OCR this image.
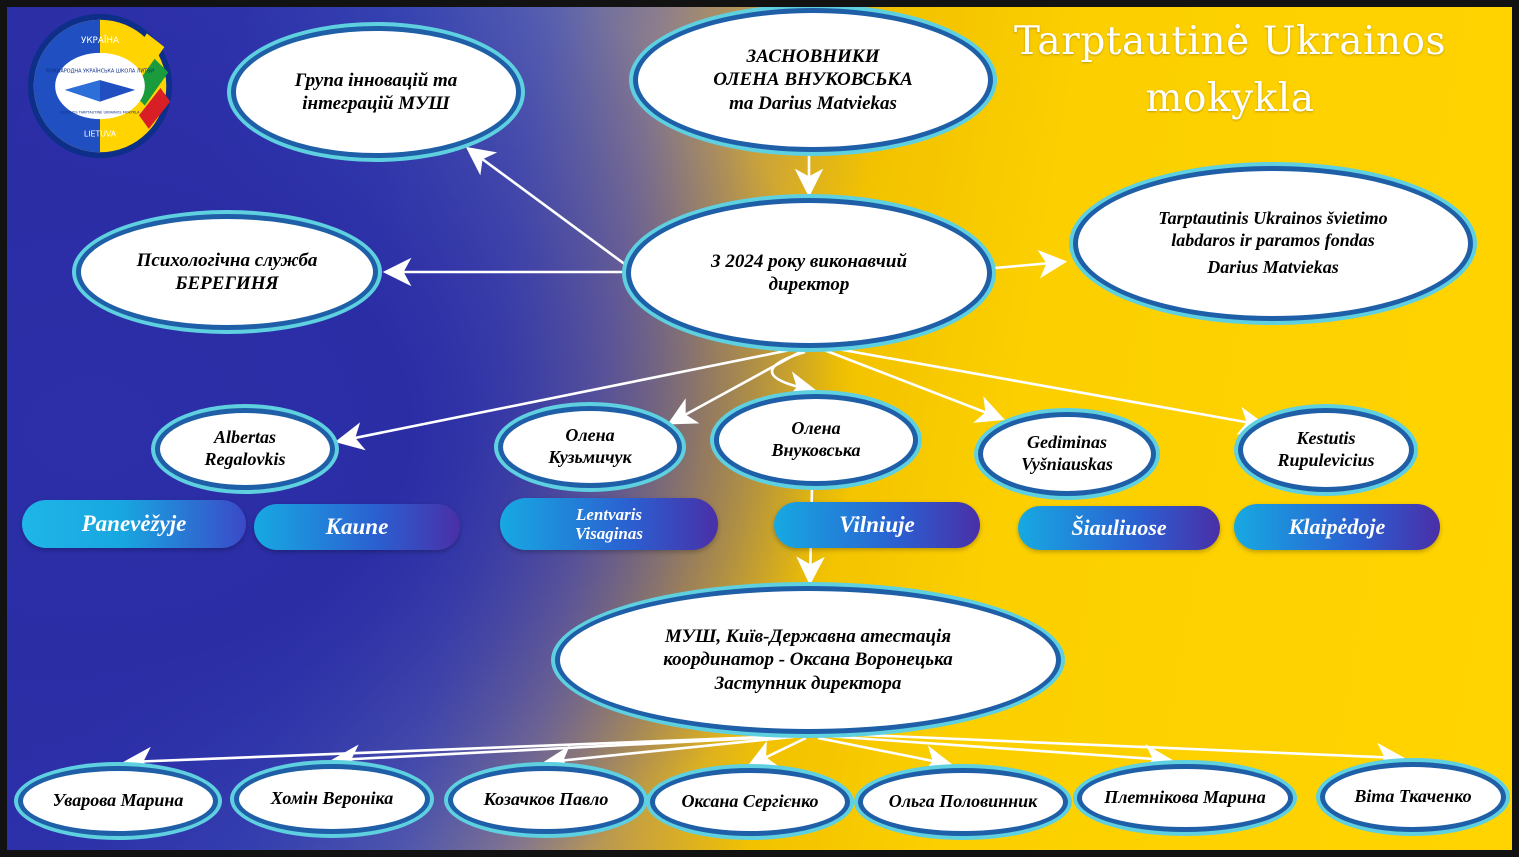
УКРАЇНА
МІЖНАРОДНА УКРАЇНСЬКА ШКОЛА ЛИТВИ
LIETUVOS TARPTAUTINĖ UKRAINOS MOKYKLA
LIETUVA
Tarptautinė Ukrainos mokykla
Група інновацій та
інтеграцій МУШ
ЗАСНОВНИКИ
ОЛЕНА ВНУКОВСЬКА
та Darius Matviekas
Tarptautinis Ukrainos švietimo
labdaros ir paramos fondas

Darius Matviekas
Психологічна служба
БЕРЕГИНЯ
З 2024 року виконавчий
директор
Albertas
Regalovkis
Олена
Кузьмичук
Олена
Внуковська	Gediminas
Vyšniauskas
Kestutis
Rupulevicius
МУШ, Київ-Державна атестація
координатор - Оксана Воронецька
Заступник директора
Уварова Марина	Хомін Вероніка	Козачков Павло	Оксана Сергієнко	Ольга Половинник	Плетнікова Марина	Віта Ткаченко
Panevėžyje	Kaune	Lentvaris
Visaginas	Vilniuje	Šiauliuose	Klaipėdoje
